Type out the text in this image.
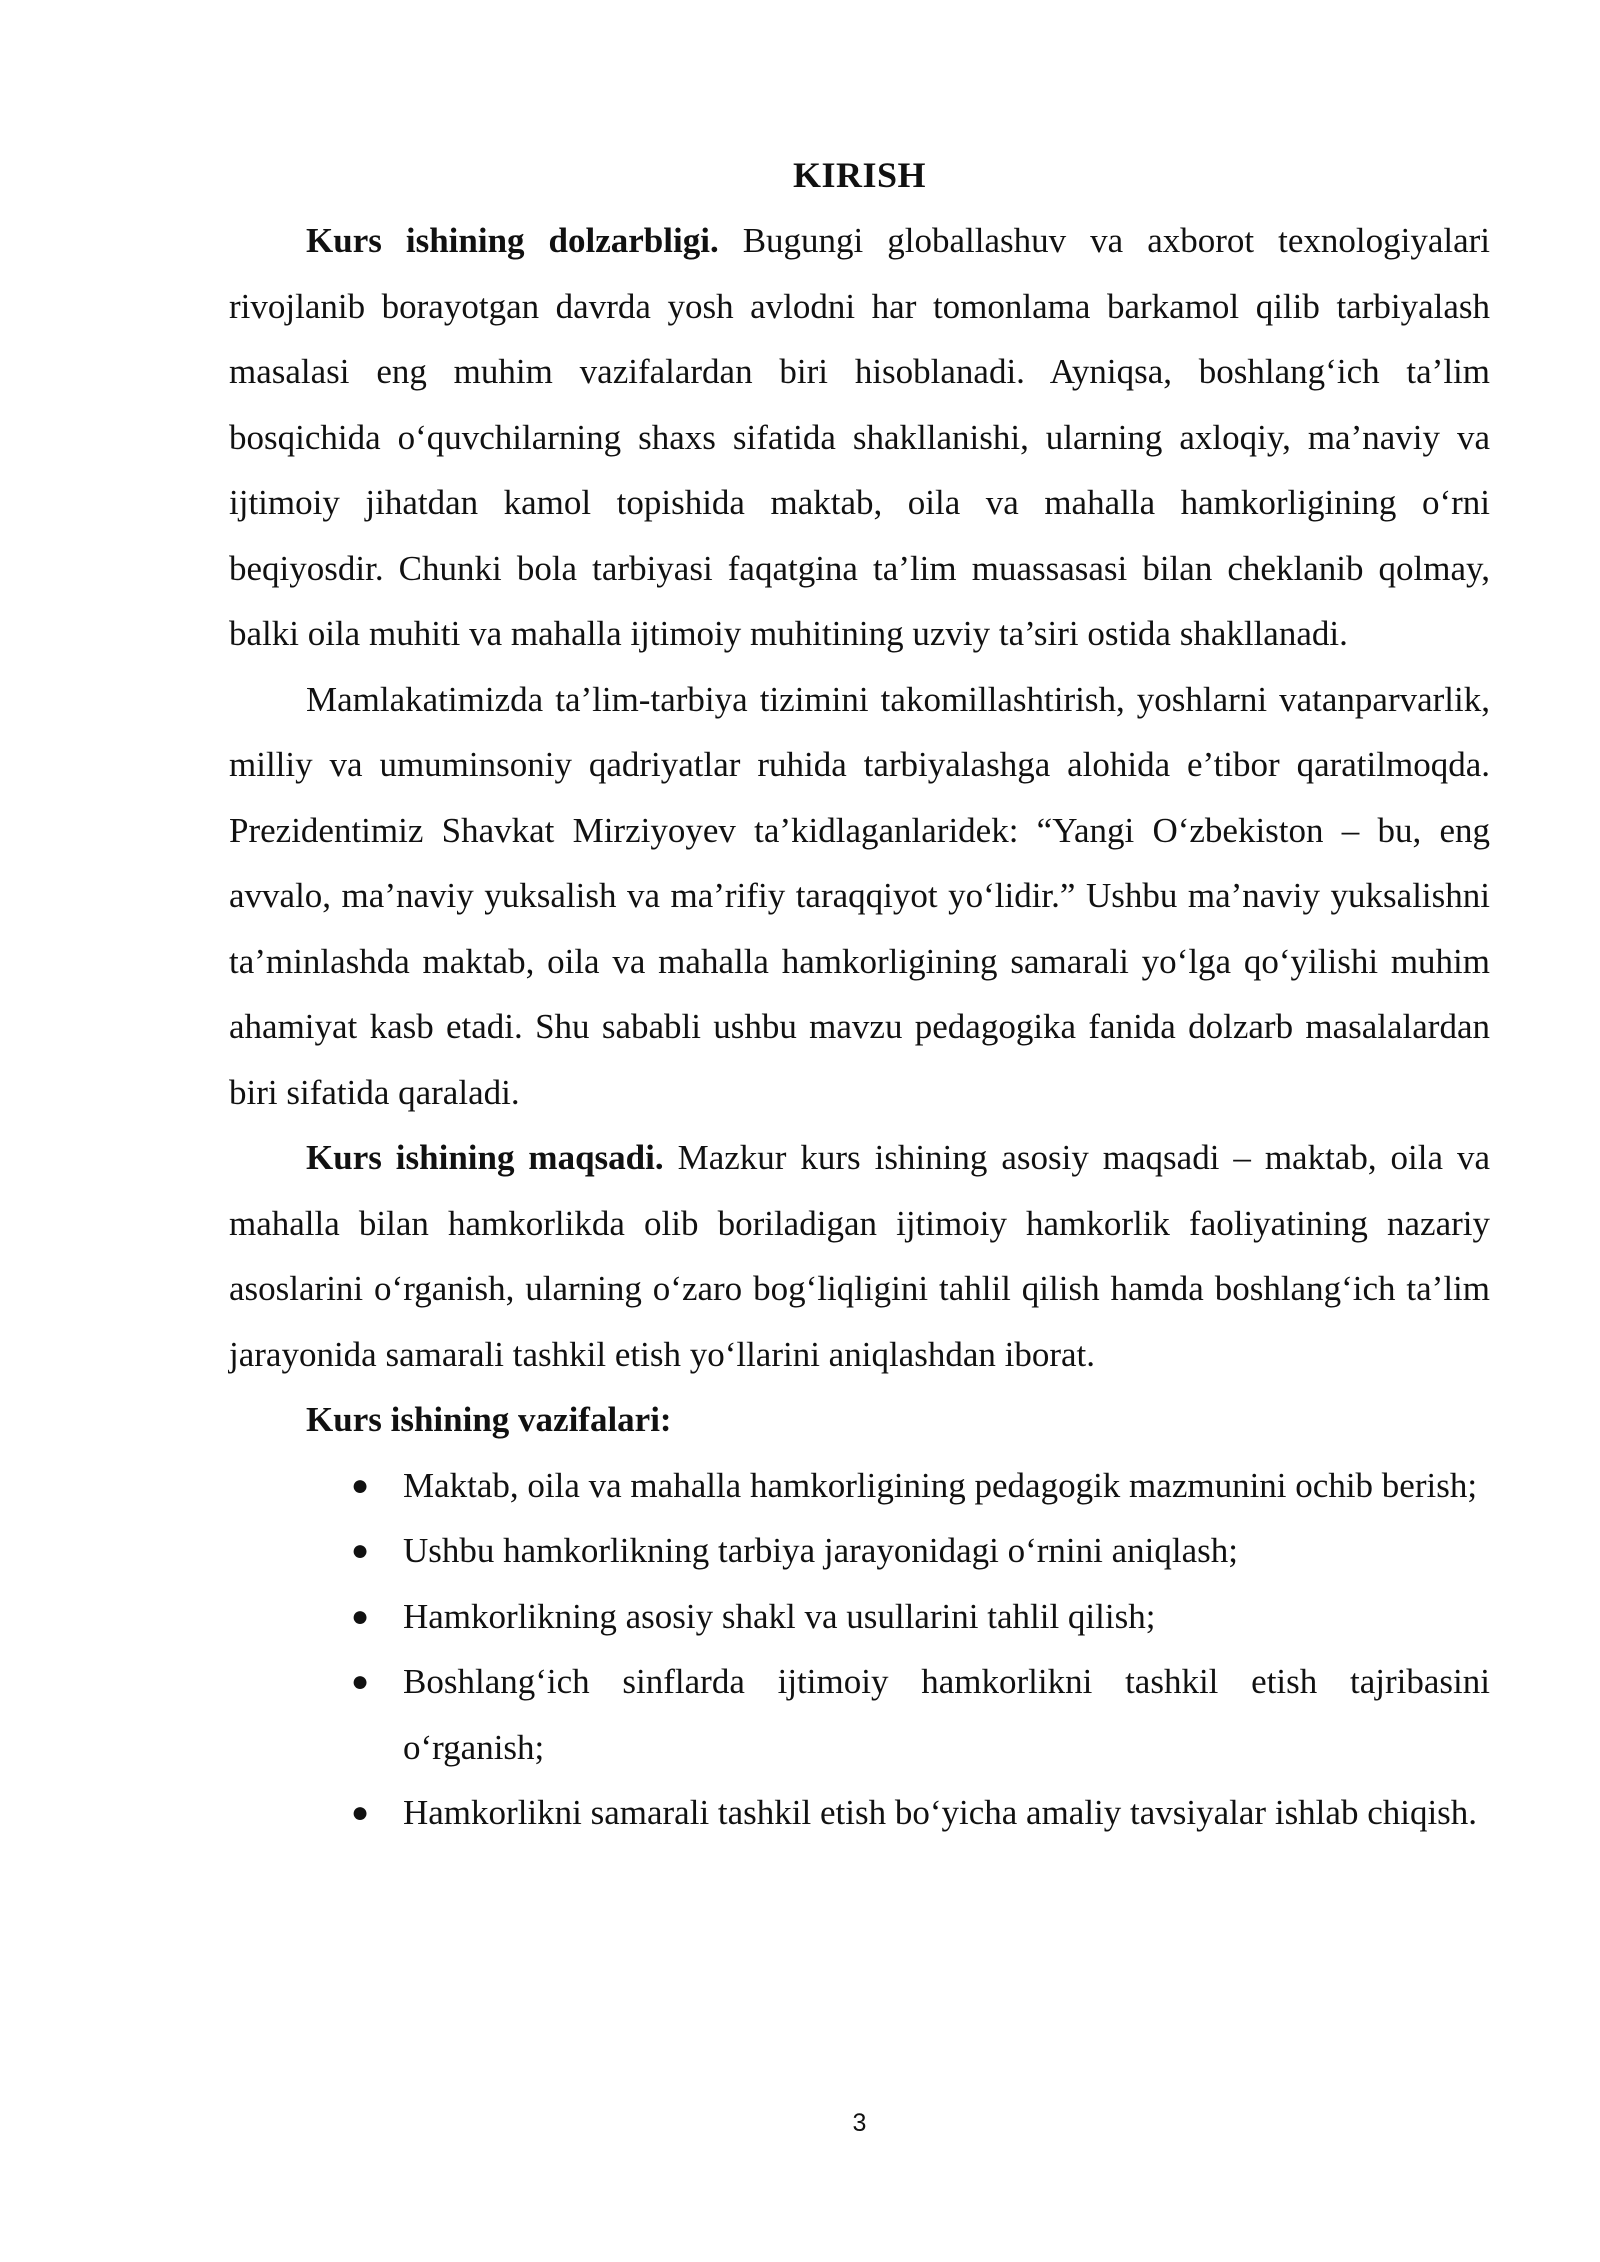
KIRISH

Kurs ishining dolzarbligi. Bugungi globallashuv va axborot texnologiyalari rivojlanib borayotgan davrda yosh avlodni har tomonlama barkamol qilib tarbiyalash masalasi eng muhim vazifalardan biri hisoblanadi. Ayniqsa, boshlang‘ich ta’lim bosqichida o‘quvchilarning shaxs sifatida shakllanishi, ularning axloqiy, ma’naviy va ijtimoiy jihatdan kamol topishida maktab, oila va mahalla hamkorligining o‘rni beqiyosdir. Chunki bola tarbiyasi faqatgina ta’lim muassasasi bilan cheklanib qolmay, balki oila muhiti va mahalla ijtimoiy muhitining uzviy ta’siri ostida shakllanadi.

Mamlakatimizda ta’lim-tarbiya tizimini takomillashtirish, yoshlarni vatanparvarlik, milliy va umuminsoniy qadriyatlar ruhida tarbiyalashga alohida e’tibor qaratilmoqda. Prezidentimiz Shavkat Mirziyoyev ta’kidlaganlaridek: “Yangi O‘zbekiston – bu, eng avvalo, ma’naviy yuksalish va ma’rifiy taraqqiyot yo‘lidir.” Ushbu ma’naviy yuksalishni ta’minlashda maktab, oila va mahalla hamkorligining samarali yo‘lga qo‘yilishi muhim ahamiyat kasb etadi. Shu sababli ushbu mavzu pedagogika fanida dolzarb masalalardan biri sifatida qaraladi.

Kurs ishining maqsadi. Mazkur kurs ishining asosiy maqsadi – maktab, oila va mahalla bilan hamkorlikda olib boriladigan ijtimoiy hamkorlik faoliyatining nazariy asoslarini o‘rganish, ularning o‘zaro bog‘liqligini tahlil qilish hamda boshlang‘ich ta’lim jarayonida samarali tashkil etish yo‘llarini aniqlashdan iborat.

Kurs ishining vazifalari:

● Maktab, oila va mahalla hamkorligining pedagogik mazmunini ochib berish;
● Ushbu hamkorlikning tarbiya jarayonidagi o‘rnini aniqlash;
● Hamkorlikning asosiy shakl va usullarini tahlil qilish;
● Boshlang‘ich sinflarda ijtimoiy hamkorlikni tashkil etish tajribasini o‘rganish;
● Hamkorlikni samarali tashkil etish bo‘yicha amaliy tavsiyalar ishlab chiqish.
3
